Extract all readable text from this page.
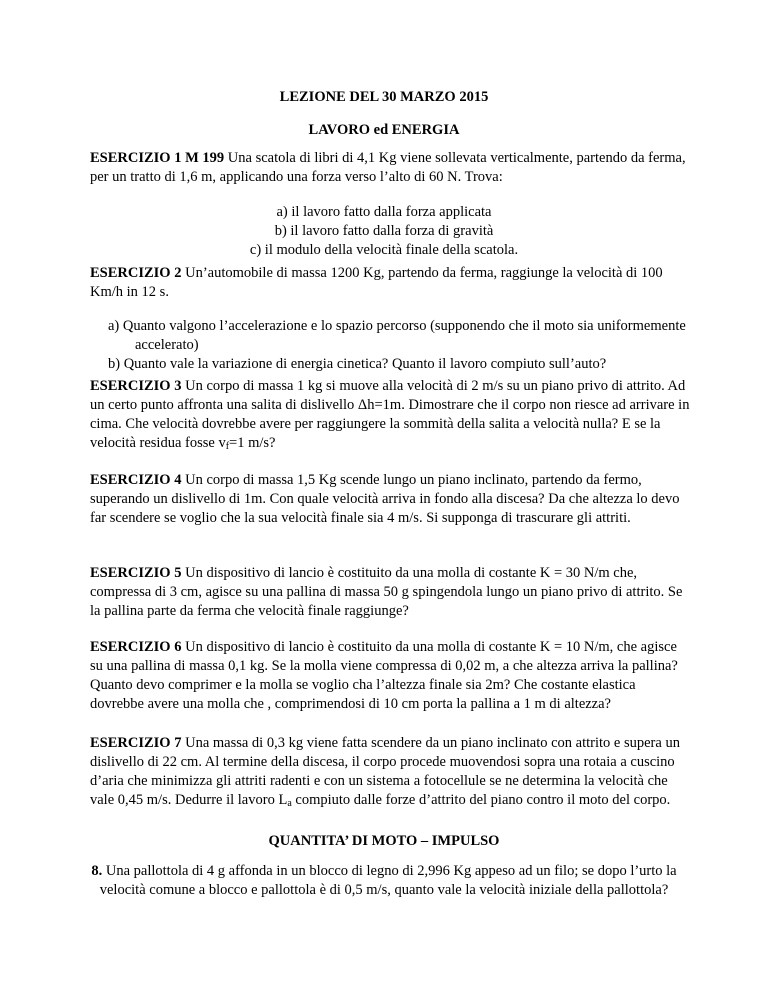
LEZIONE DEL 30 MARZO 2015
LAVORO ed ENERGIA
ESERCIZIO 1 M 199 Una scatola di libri di 4,1 Kg viene sollevata verticalmente, partendo da ferma, per un tratto di 1,6 m, applicando una forza verso l’alto di 60 N. Trova:
a) il lavoro fatto dalla forza applicata
b) il lavoro fatto dalla forza di gravità
c) il modulo della velocità finale della scatola.
ESERCIZIO 2 Un’automobile di massa 1200 Kg, partendo da ferma, raggiunge la velocità di 100 Km/h in 12 s.
a) Quanto valgono l’accelerazione e lo spazio percorso (supponendo che il moto sia uniformemente accelerato)
b) Quanto vale la variazione di energia cinetica? Quanto il lavoro compiuto sull’auto?
ESERCIZIO 3 Un corpo di massa 1 kg si muove alla velocità di 2 m/s su un piano privo di attrito. Ad un certo punto affronta una salita di dislivello Δh=1m. Dimostrare che il corpo non riesce ad arrivare in cima. Che velocità dovrebbe avere per raggiungere la sommità della salita a velocità nulla? E se la velocità residua fosse $v_f=1$ m/s?
ESERCIZIO 4 Un corpo di massa 1,5 Kg scende lungo un piano inclinato, partendo da fermo, superando un dislivello di 1m. Con quale velocità arriva in fondo alla discesa? Da che altezza lo devo far scendere se voglio che la sua velocità finale sia 4 m/s. Si supponga di trascurare gli attriti.
ESERCIZIO 5 Un dispositivo di lancio è costituito da una molla di costante K = 30 N/m che, compressa di 3 cm, agisce su una pallina di massa 50 g spingendola lungo un piano privo di attrito. Se la pallina parte da ferma che velocità finale raggiunge?
ESERCIZIO 6 Un dispositivo di lancio è costituito da una molla di costante K = 10 N/m, che agisce su una pallina di massa 0,1 kg. Se la molla viene compressa di 0,02 m, a che altezza arriva la pallina? Quanto devo comprimer e la molla se voglio cha l’altezza finale sia 2m? Che costante elastica dovrebbe avere una molla che , comprimendosi di 10 cm porta la pallina a 1 m di altezza?
ESERCIZIO 7 Una massa di 0,3 kg viene fatta scendere da un piano inclinato con attrito e supera un dislivello di 22 cm. Al termine della discesa, il corpo procede muovendosi sopra una rotaia a cuscino d’aria che minimizza gli attriti radenti e con un sistema a fotocellule se ne determina la velocità che vale 0,45 m/s. Dedurre il lavoro $L_a$ compiuto dalle forze d’attrito del piano contro il moto del corpo.
QUANTITA’ DI MOTO – IMPULSO
8. Una pallottola di 4 g affonda in un blocco di legno di 2,996 Kg appeso ad un filo; se dopo l’urto la velocità comune a blocco e pallottola è di 0,5 m/s, quanto vale la velocità iniziale della pallottola?
